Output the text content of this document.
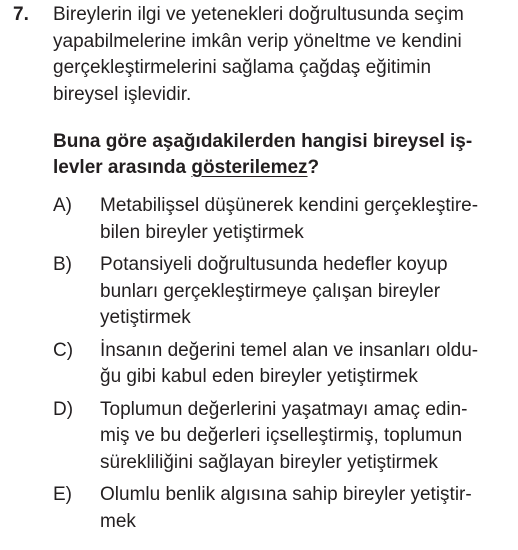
7. Bireylerin ilgi ve yetenekleri doğrultusunda seçim
yapabilmelerine imkân verip yöneltme ve kendini
gerçekleştirmelerini sağlama çağdaş eğitimin
bireysel işlevidir.
Buna göre aşağıdakilerden hangisi bireysel iş-
levler arasında gösterilemez?
A) Metabilişsel düşünerek kendini gerçekleştire-
bilen bireyler yetiştirmek
B) Potansiyeli doğrultusunda hedefler koyup
bunları gerçekleştirmeye çalışan bireyler
yetiştirmek
C) İnsanın değerini temel alan ve insanları oldu-
ğu gibi kabul eden bireyler yetiştirmek
D) Toplumun değerlerini yaşatmayı amaç edin-
miş ve bu değerleri içselleştirmiş, toplumun
sürekliliğini sağlayan bireyler yetiştirmek
E) Olumlu benlik algısına sahip bireyler yetiştir-
mek
